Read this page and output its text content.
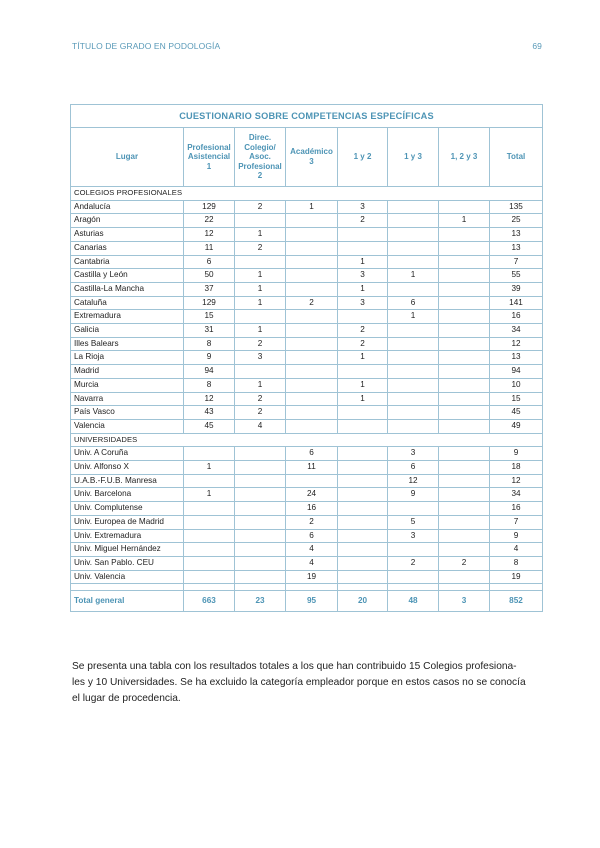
TÍTULO DE GRADO EN PODOLOGÍA	69
CUESTIONARIO SOBRE COMPETENCIAS ESPECÍFICAS							
Lugar	Profesional Asistencial 1	Direc. Colegio/ Asoc. Profesional 2	Académico 3	1 y 2	1 y 3	1, 2 y 3	Total
COLEGIOS PROFESIONALES							
Andalucía	129	2	1	3			135
Aragón	22			2		1	25
Asturias	12	1					13
Canarias	11	2					13
Cantabria	6			1			7
Castilla y León	50	1		3	1		55
Castilla-La Mancha	37	1		1			39
Cataluña	129	1	2	3	6		141
Extremadura	15				1		16
Galicia	31	1		2			34
Illes Balears	8	2		2			12
La Rioja	9	3		1			13
Madrid	94						94
Murcia	8	1		1			10
Navarra	12	2		1			15
País Vasco	43	2					45
Valencia	45	4					49
UNIVERSIDADES							
Univ. A Coruña			6		3		9
Univ. Alfonso X	1		11		6		18
U.A.B.-F.U.B. Manresa					12		12
Univ. Barcelona	1		24		9		34
Univ. Complutense			16				16
Univ. Europea de Madrid			2		5		7
Univ. Extremadura			6		3		9
Univ. Miguel Hernández			4				4
Univ. San Pablo. CEU			4		2	2	8
Univ. Valencia			19				19

Total general	663	23	95	20	48	3	852
Se presenta una tabla con los resultados totales a los que han contribuido 15 Colegios profesiona-
les y 10 Universidades. Se ha excluido la categoría empleador porque en estos casos no se conocía
el lugar de procedencia.
